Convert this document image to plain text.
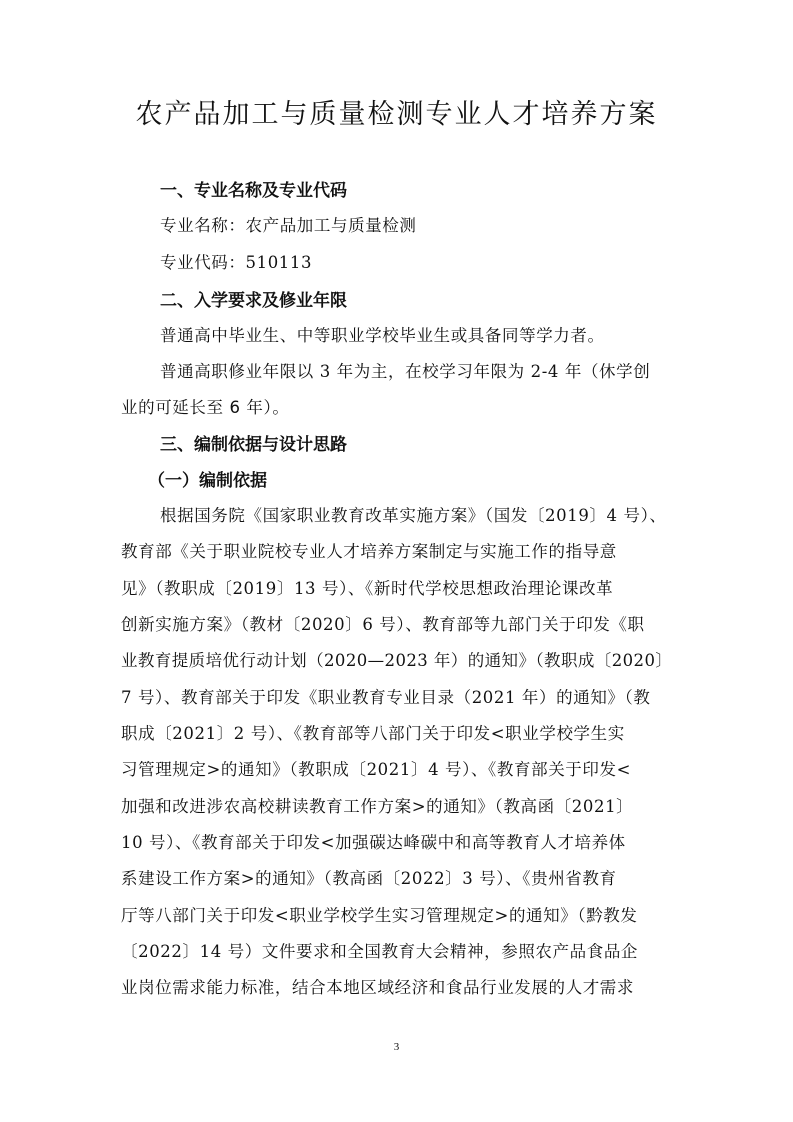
农产品加工与质量检测专业人才培养方案
一、专业名称及专业代码
专业名称：农产品加工与质量检测
专业代码：510113
二、入学要求及修业年限
普通高中毕业生、中等职业学校毕业生或具备同等学力者。
普通高职修业年限以 3 年为主，在校学习年限为 2-4 年（休学创
业的可延长至 6 年）。
三、编制依据与设计思路
（一）编制依据
根据国务院《国家职业教育改革实施方案》（国发〔2019〕4 号）、
教育部《关于职业院校专业人才培养方案制定与实施工作的指导意
见》（教职成〔2019〕13 号）、《新时代学校思想政治理论课改革
创新实施方案》（教材〔2020〕6 号）、教育部等九部门关于印发《职
业教育提质培优行动计划（2020—2023 年）的通知》（教职成〔2020〕
7 号）、教育部关于印发《职业教育专业目录（2021 年）的通知》（教
职成〔2021〕2 号）、《教育部等八部门关于印发<职业学校学生实
习管理规定>的通知》（教职成〔2021〕4 号）、《教育部关于印发<
加强和改进涉农高校耕读教育工作方案>的通知》（教高函〔2021〕
10 号）、《教育部关于印发<加强碳达峰碳中和高等教育人才培养体
系建设工作方案>的通知》（教高函〔2022〕3 号）、《贵州省教育
厅等八部门关于印发<职业学校学生实习管理规定>的通知》（黔教发
〔2022〕14 号）文件要求和全国教育大会精神，参照农产品食品企
业岗位需求能力标准，结合本地区域经济和食品行业发展的人才需求
3
